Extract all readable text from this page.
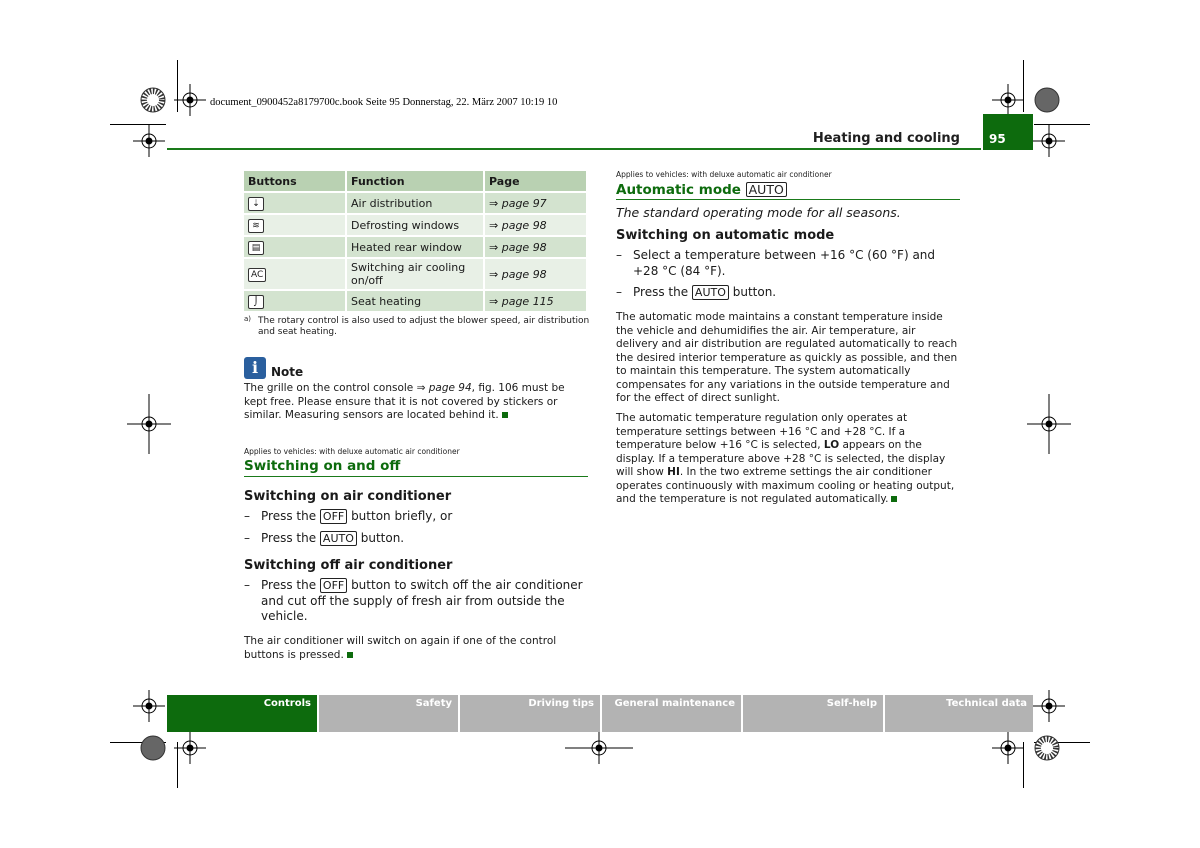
document_0900452a8179700c.book Seite 95 Donnerstag, 22. März 2007 10:19 10
Heating and cooling 95
Buttons	Function	Page
⇣	Air distribution	⇒ page 97
≋	Defrosting windows	⇒ page 98
▤	Heated rear window	⇒ page 98
AC	Switching air cooling on/off	⇒ page 98
⌡	Seat heating	⇒ page 115
a) The rotary control is also used to adjust the blower speed, air distribution and seat heating.
i	Note
The grille on the control console ⇒ page 94, fig. 106 must be kept free. Please ensure that it is not covered by stickers or similar. Measuring sensors are located behind it.
Applies to vehicles: with deluxe automatic air conditioner
Switching on and off
Switching on air conditioner
– Press the OFF button briefly, or
– Press the AUTO button.
Switching off air conditioner
– Press the OFF button to switch off the air conditioner and cut off the supply of fresh air from outside the vehicle.
The air conditioner will switch on again if one of the control buttons is pressed.
Applies to vehicles: with deluxe automatic air conditioner
Automatic mode AUTO
The standard operating mode for all seasons.
Switching on automatic mode
– Select a temperature between +16 °C (60 °F) and +28 °C (84 °F).
– Press the AUTO button.
The automatic mode maintains a constant temperature inside the vehicle and dehumidifies the air. Air temperature, air delivery and air distribution are regulated automatically to reach the desired interior temperature as quickly as possible, and then to maintain this temperature. The system automatically compensates for any variations in the outside temperature and for the effect of direct sunlight.
The automatic temperature regulation only operates at temperature settings between +16 °C and +28 °C. If a temperature below +16 °C is selected, LO appears on the display. If a temperature above +28 °C is selected, the display will show HI. In the two extreme settings the air conditioner operates continuously with maximum cooling or heating output, and the temperature is not regulated automatically.
Controls	Safety	Driving tips	General maintenance	Self-help	Technical data
